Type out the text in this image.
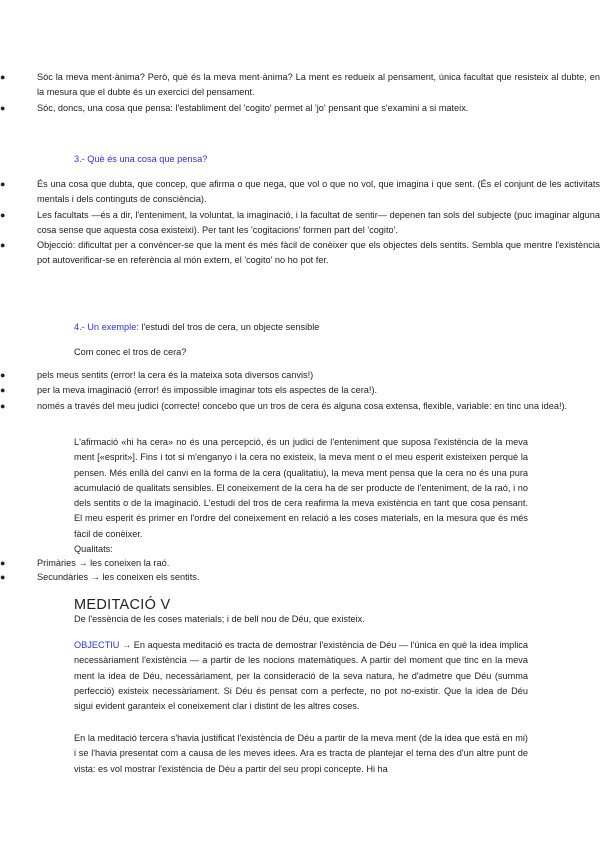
●	Sóc la meva ment·ànima? Però, què és la meva ment·ànima? La ment es redueix al pensament, única facultat que resisteix al dubte, en la mesura que el dubte és un exercici del pensament.
●	Sóc, doncs, una cosa que pensa: l'establiment del 'cogito' permet al 'jo' pensant que s'examini a si mateix.

3.- Què és una cosa que pensa?

●	És una cosa que dubta, que concep, que afirma o que nega, que vol o que no vol, que imagina i que sent. (És el conjunt de les activitats mentals i dels continguts de consciència).
●	Les facultats —és a dir, l'enteniment, la voluntat, la imaginació, i la facultat de sentir— depenen tan sols del subjecte (puc imaginar alguna cosa sense que aquesta cosa existeixi). Per tant les 'cogitacions' formen part del 'cogito'.
●	Objecció: dificultat per a convèncer-se que la ment és més fàcil de conèixer que els objectes dels sentits. Sembla que mentre l'existència pot autoverificar-se en referència al món extern, el 'cogito' no ho pot fer.

4.- Un exemple: l'estudi del tros de cera, un objecte sensible

Com conec el tros de cera?

●	pels meus sentits (error! la cera és la mateixa sota diversos canvis!)
●	per la meva imaginació (error! és impossible imaginar tots els aspectes de la cera!).
●	només a través del meu judici (correcte! concebo que un tros de cera és alguna cosa extensa, flexible, variable: en tinc una idea!).

L'afirmació «hi ha cera» no és una percepció, és un judici de l'enteniment que suposa l'existència de la meva ment [«esprit»]. Fins i tot si m'enganyo i la cera no existeix, la meva ment o el meu esperit existeixen perquè la pensen. Més enllà del canvi en la forma de la cera (qualitatiu), la meva ment pensa que la cera no és una pura acumulació de qualitats sensibles. El coneixement de la cera ha de ser producte de l'enteniment, de la raó, i no dels sentits o de la imaginació. L'estudi del tros de cera reafirma la meva existència en tant que cosa pensant. El meu esperit és primer en l'ordre del coneixement en relació a les coses materials, en la mesura que és més fàcil de conèixer.

Qualitats:

●	Primàries → les coneixen la raó.
●	Secundàries → les coneixen els sentits.

MEDITACIÓ V

De l'essència de les coses materials; i de bell nou de Déu, que existeix.

OBJECTIU → En aquesta meditació es tracta de demostrar l'existència de Déu — l'única en què la idea implica necessàriament l'existència — a partir de les nocions matemàtiques. A partir del moment que tinc en la meva ment la idea de Déu, necessàriament, per la consideració de la seva natura, he d'admetre que Déu (summa perfecció) existeix necessàriament. Si Déu és pensat com a perfecte, no pot no-existir. Que la idea de Déu sigui evident garanteix el coneixement clar i distint de les altres coses.

En la meditació tercera s'havia justificat l'existència de Déu a partir de la meva ment (de la idea que està en mi) i se l'havia presentat com a causa de les meves idees. Ara es tracta de plantejar el tema des d'un altre punt de vista: es vol mostrar l'existència de Déu a partir del seu propi concepte. Hi ha
